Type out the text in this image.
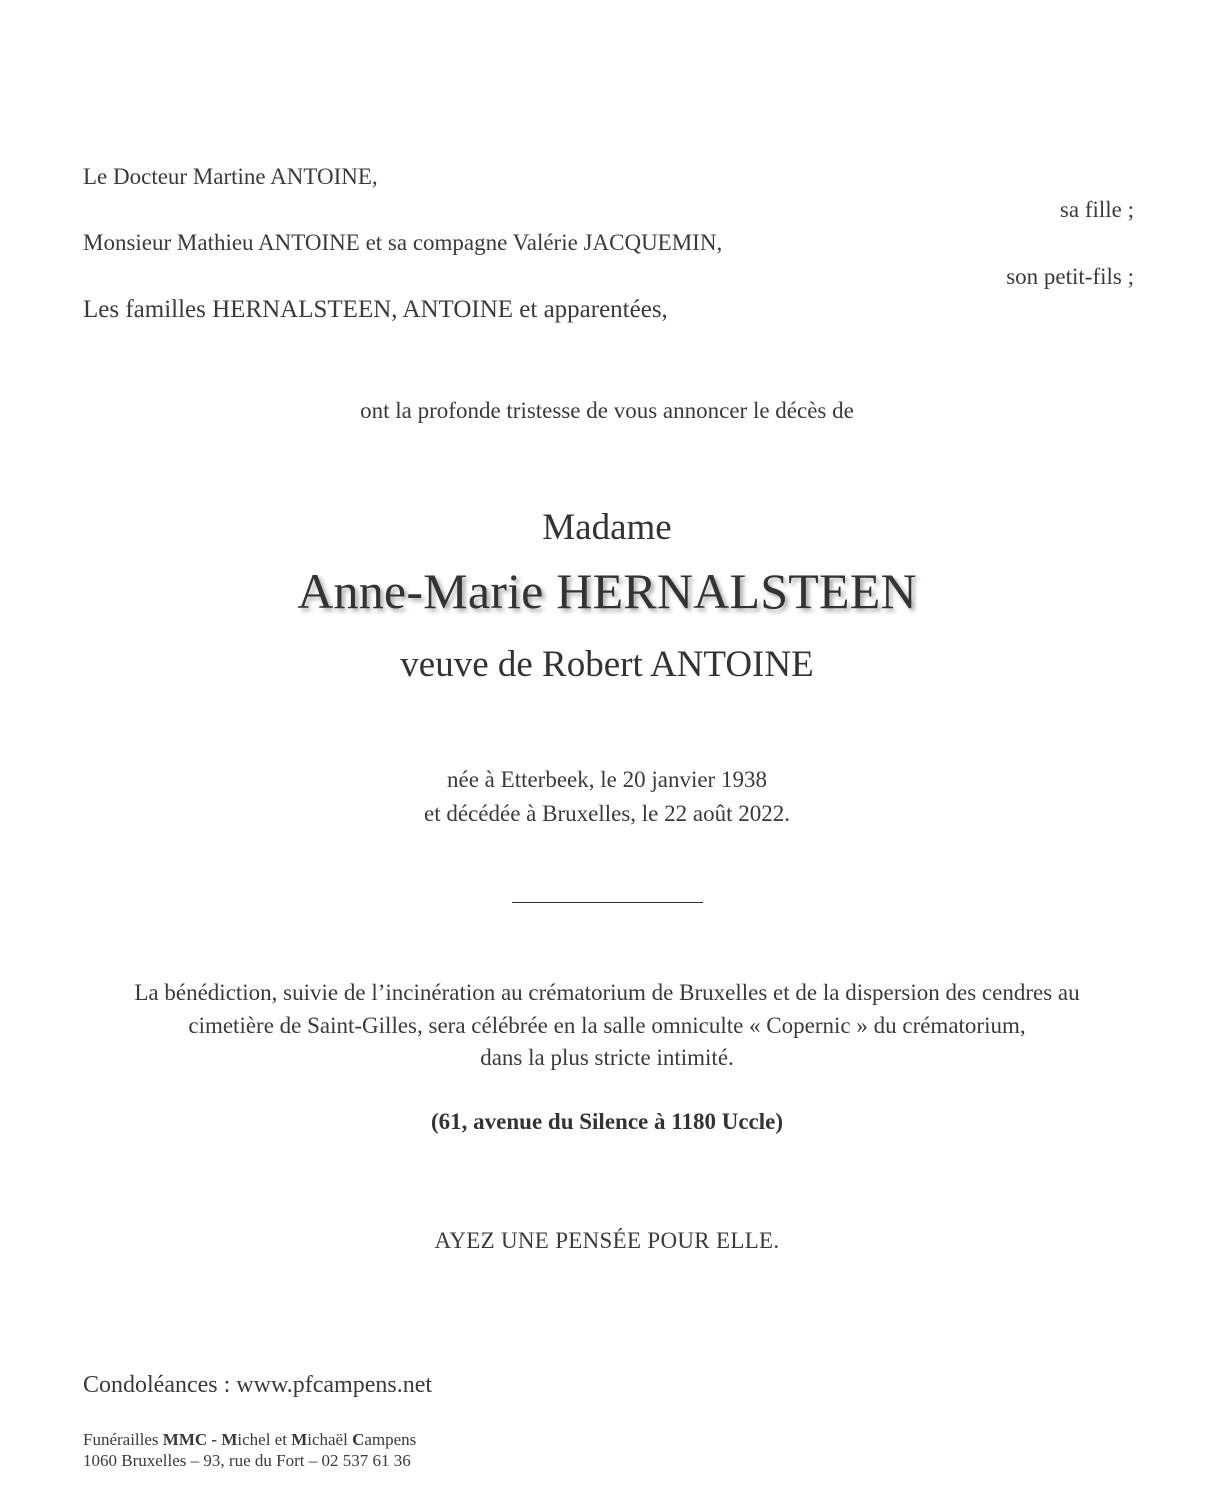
Le Docteur Martine ANTOINE,
sa fille ;
Monsieur Mathieu ANTOINE et sa compagne Valérie JACQUEMIN,
son petit-fils ;
Les familles HERNALSTEEN, ANTOINE et apparentées,
ont la profonde tristesse de vous annoncer le décès de
Madame
Anne-Marie HERNALSTEEN
veuve de Robert ANTOINE
née à Etterbeek, le 20 janvier 1938
et décédée à Bruxelles, le 22 août 2022.
La bénédiction, suivie de l’incinération au crématorium de Bruxelles et de la dispersion des cendres au
cimetière de Saint-Gilles, sera célébrée en la salle omniculte « Copernic » du crématorium,
dans la plus stricte intimité.
(61, avenue du Silence à 1180 Uccle)
AYEZ UNE PENSÉE POUR ELLE.
Condoléances : www.pfcampens.net
Funérailles MMC - Michel et Michaël Campens
1060 Bruxelles – 93, rue du Fort – 02 537 61 36
